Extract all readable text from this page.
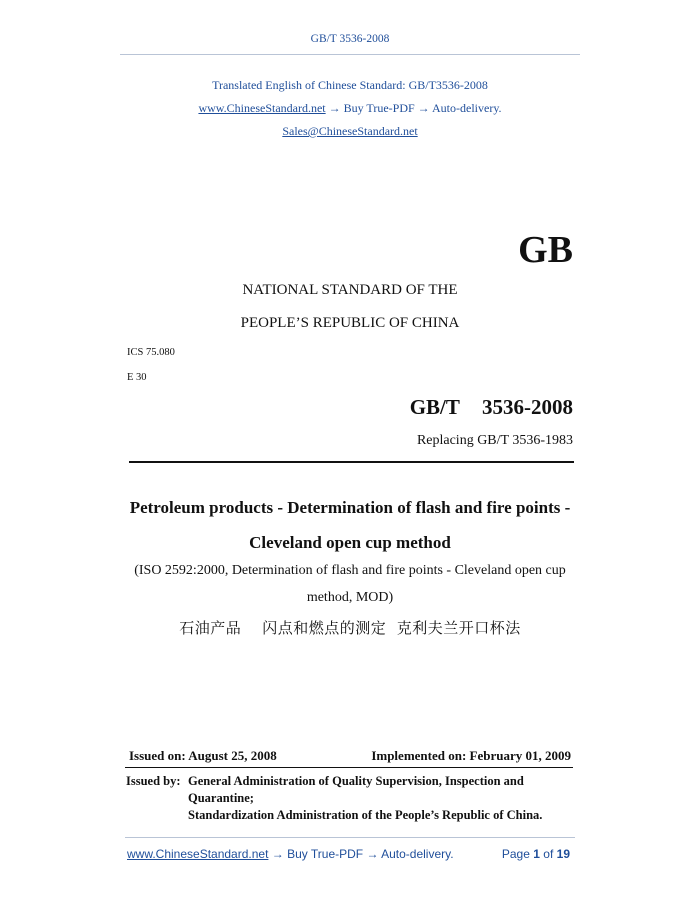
GB/T 3536-2008
Translated English of Chinese Standard: GB/T3536-2008
www.ChineseStandard.net → Buy True-PDF → Auto-delivery.
Sales@ChineseStandard.net
GB
NATIONAL STANDARD OF THE
PEOPLE’S REPUBLIC OF CHINA
ICS 75.080
E 30
GB/T  3536-2008
Replacing GB/T 3536-1983
Petroleum products - Determination of flash and fire points -
Cleveland open cup method
(ISO 2592:2000, Determination of flash and fire points - Cleveland open cup
method, MOD)
石油产品    闪点和燃点的测定  克利夫兰开口杯法
Issued on: August 25, 2008	Implemented on: February 01, 2009
Issued by: General Administration of Quality Supervision, Inspection and
Quarantine;
Standardization Administration of the People’s Republic of China.
www.ChineseStandard.net → Buy True-PDF → Auto-delivery.	Page 1 of 19
